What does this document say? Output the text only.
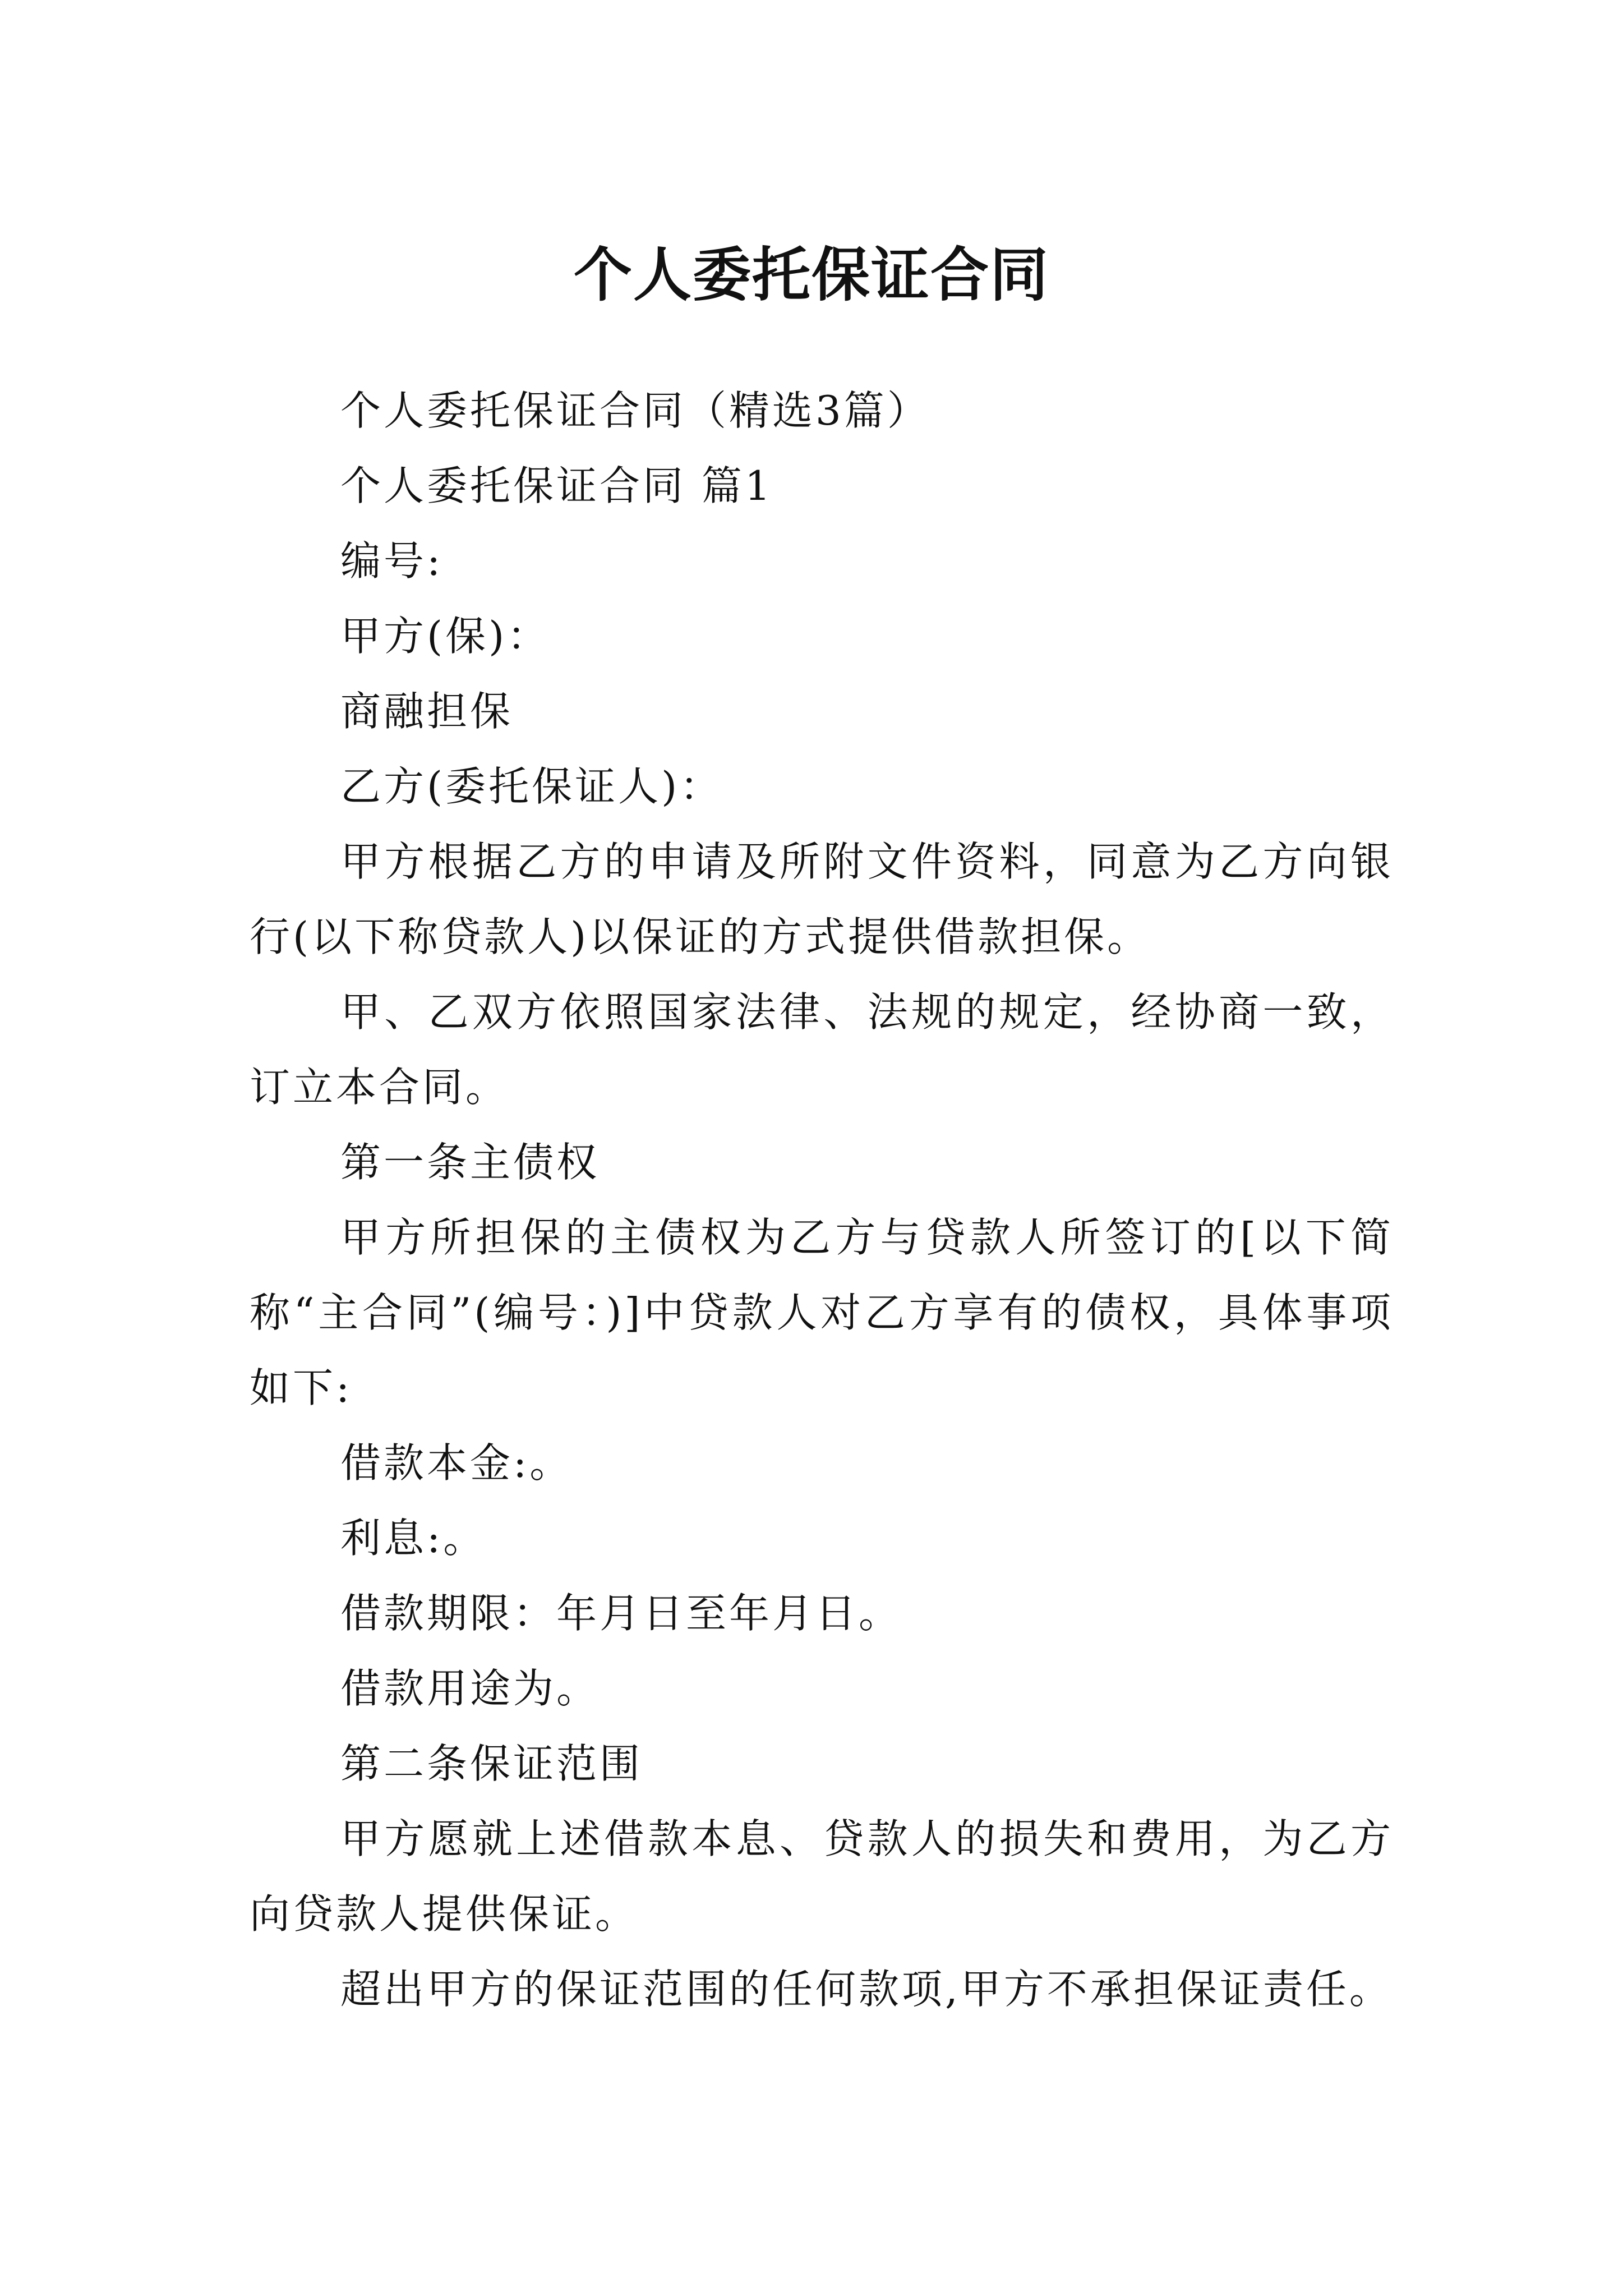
个人委托保证合同

个人委托保证合同（精选3篇）

个人委托保证合同 篇1

编号:

甲方(保)：

商融担保

乙方(委托保证人)：

甲方根据乙方的申请及所附文件资料，同意为乙方向银行(以下称贷款人)以保证的方式提供借款担保。

甲、乙双方依照国家法律、法规的规定，经协商一致，订立本合同。

第一条主债权

甲方所担保的主债权为乙方与贷款人所签订的[以下简称“主合同”(编号：)]中贷款人对乙方享有的债权，具体事项如下:

借款本金:。

利息:。

借款期限：年月日至年月日。

借款用途为。

第二条保证范围

甲方愿就上述借款本息、贷款人的损失和费用，为乙方向贷款人提供保证。

超出甲方的保证范围的任何款项,甲方不承担保证责任。
